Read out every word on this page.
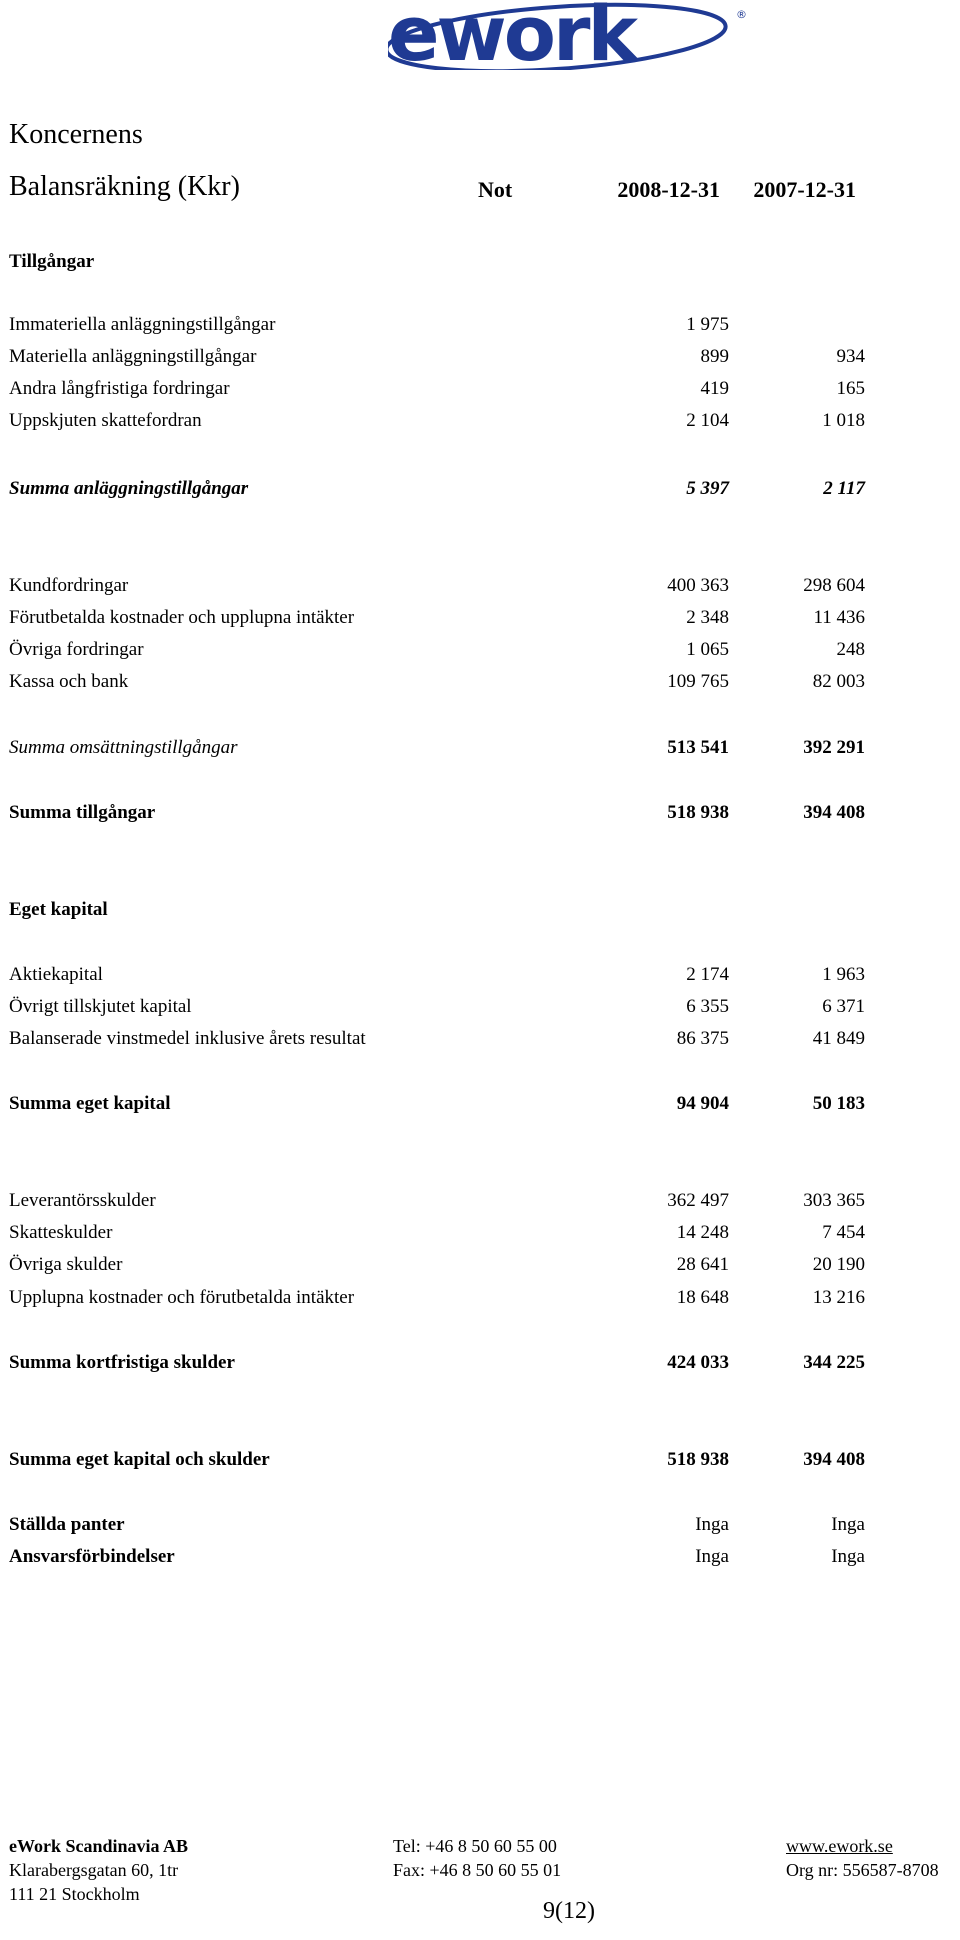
ework	®
Koncernens
Balansräkning (Kkr)	Not	2008-12-31 2007-12-31
Tillgångar
Immateriella anläggningstillgångar	1 975
Materiella anläggningstillgångar	899	934
Andra långfristiga fordringar	419	165
Uppskjuten skattefordran	2 104	1 018
Summa anläggningstillgångar	5 397	2 117
Kundfordringar	400 363	298 604
Förutbetalda kostnader och upplupna intäkter	2 348	11 436
Övriga fordringar	1 065	248
Kassa och bank	109 765	82 003
Summa omsättningstillgångar	513 541	392 291
Summa tillgångar	518 938	394 408
Eget kapital
Aktiekapital	2 174	1 963
Övrigt tillskjutet kapital	6 355	6 371
Balanserade vinstmedel inklusive årets resultat	86 375	41 849
Summa eget kapital	94 904	50 183
Leverantörsskulder	362 497	303 365
Skatteskulder	14 248	7 454
Övriga skulder	28 641	20 190
Upplupna kostnader och förutbetalda intäkter	18 648	13 216
Summa kortfristiga skulder	424 033	344 225
Summa eget kapital och skulder	518 938	394 408
Ställda panter	Inga	Inga
Ansvarsförbindelser	Inga	Inga
eWork Scandinavia AB
Klarabergsgatan 60, 1tr
111 21 Stockholm
Tel: +46 8 50 60 55 00
Fax: +46 8 50 60 55 01
www.ework.se
Org nr: 556587-8708
9(12)
